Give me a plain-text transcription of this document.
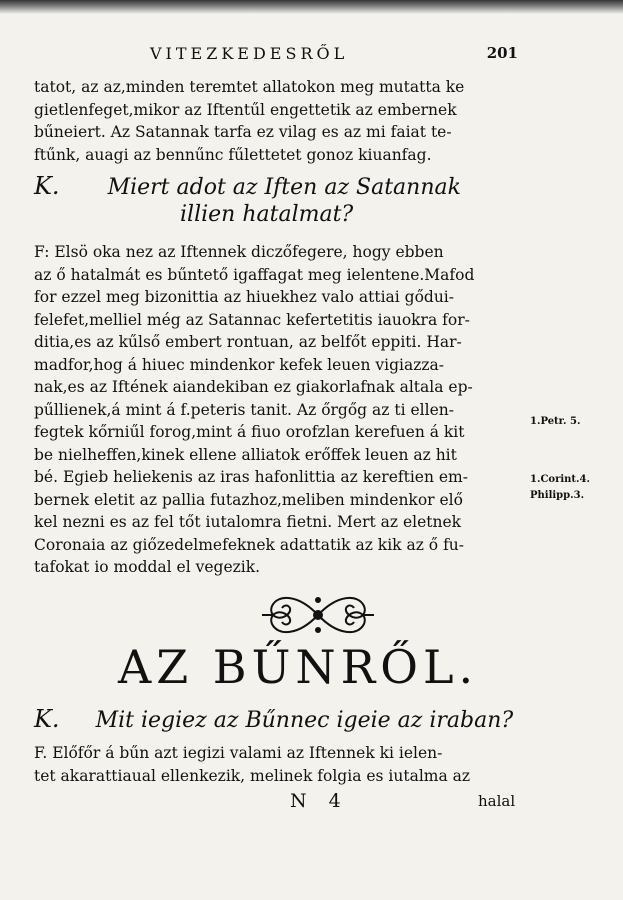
VITEZKEDESRŐL	201
tatot, az az,minden teremtet allatokon meg mutatta ke
gietlenfeget,mikor az Iftentűl engettetik az embernek
bűneiert. Az Satannak tarfa ez vilag es az mi faiat te-
ftűnk, auagi az bennűnc fűlettetet gonoz kiuanfag.
K. Miert adot az Iften az Satannak
illien hatalmat?
F: Elsö oka nez az Iftennek diczőfegere, hogy ebben
az ő hatalmát es bűntető igaffagat meg ielentene.Mafod
for ezzel meg bizonittia az hiuekhez valo attiai gődui-
felefet,melliel még az Satannac kefertetitis iauokra for-
ditia,es az kűlső embert rontuan, az belfőt eppiti. Har-
madfor,hog á hiuec mindenkor kefek leuen vigiazza-
nak,es az Iftének aiandekiban ez giakorlafnak altala ep-
pűllienek,á mint á f.peteris tanit. Az őrgőg az ti ellen-
fegtek kőrniűl forog,mint á fiuo orofzlan kerefuen á kit
be nielheffen,kinek ellene alliatok erőffek leuen az hit
bé. Egieb heliekenis az iras hafonlittia az kereftien em-
bernek eletit az pallia futazhoz,meliben mindenkor elő
kel nezni es az fel tőt iutalomra fietni. Mert az eletnek
Coronaia az giőzedelmefeknek adattatik az kik az ő fu-
tafokat io moddal el vegezik.
1.Petr. 5.
1.Corint.4.
Philipp.3.
AZ BŰNRŐL.
K. Mit iegiez az Bűnnec igeie az iraban?
F. Előfőr á bűn azt iegizi valami az Iftennek ki ielen-
tet akarattiaual ellenkezik, melinek folgia es iutalma az
N 4	halal
